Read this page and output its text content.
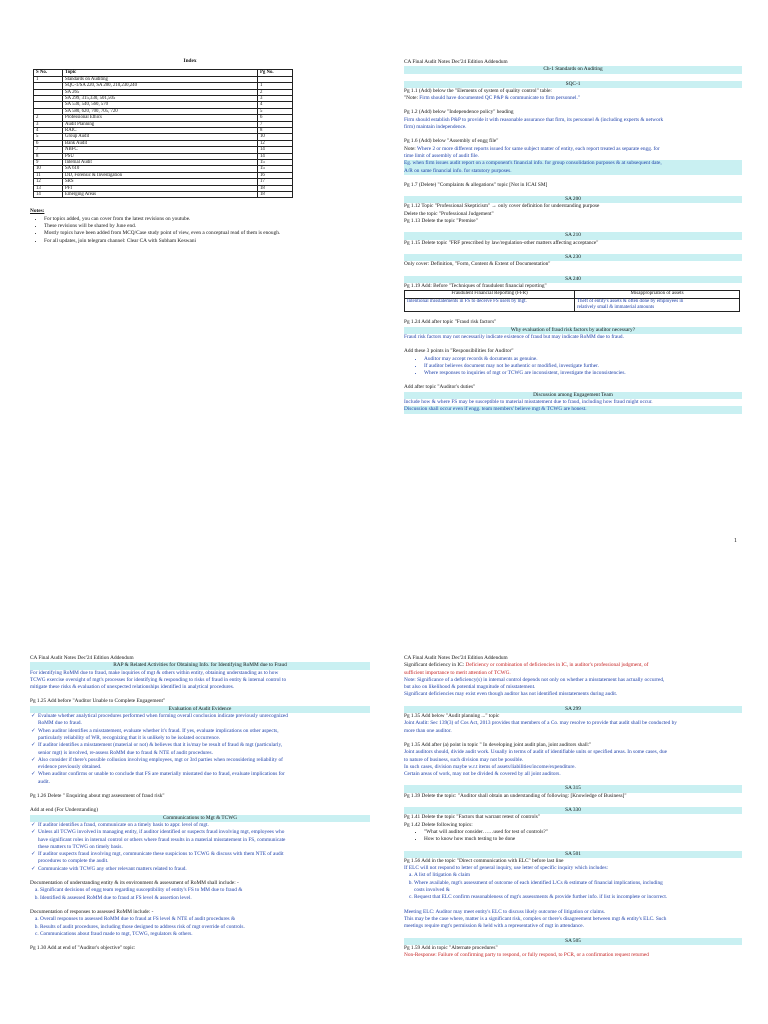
Index
S No.	Topic	Pg No.
1	Standards on Auditing	
	SQC-1/SA 220, SA 200, 210,230,240	1
	SA 265	2
	SA 299, 315,330, 501,505	3
	SA 530, 540, 560, 570	4
	SA 580, 620, 700, 705, 720	5
2	Professional Ethics	6
3	Audit Planning	7
4	RAIC	8
5	Group Audit	10
6	Bank Audit	12
7	NBFC	14
8	PSU	14
9	Internal Audit	15
10	SA 610	15
11	DD, Forensic & Investigation	16
12	SRS	17
13	PFI	18
14	Emerging Areas	18
Notes:
• For topics added, you can cover from the latest revisions on youtube.
• These revisions will be shared by June end.
• Mostly topics have been added from MCQ/Case study point of view, even a conceptual read of them is enough.
• For all updates, join telegram channel: Clear CA with Subham Keswani
CA Final Audit Notes Dec'24 Edition Addendum
Ch-1 Standards on Auditing
SQC-1
Pg 1.1 (Add) below the "Elements of system of quality control" table:
"Note: Firm should have documented QC P&P & communicate to firm personnel."
Pg 1.2 (Add) below "Independence policy" heading
Firm should establish P&P to provide it with reasonable assurance that firm, its personnel & (including experts & network
firm) maintain independence.
Pg 1.6 (Add) below "Assembly of engg file"
Note: Where 2 or more different reports issued for same subject matter of entity, each report treated as separate engg. for
time limit of assembly of audit file.
Eg. when firm issues audit report on a component's financial info. for group consolidation purposes & at subsequent date,
A/R on same financial info. for statutory purposes.
Pg 1.7 (Delete) "Complaints & allegations" topic [Not in ICAI SM]
SA 200
Pg 1.12 Topic "Professional Skepticism" → only cover definition for understanding purpose
Delete the topic "Professional Judgement"
Pg 1.13 Delete the topic "Premise"
SA 210
Pg 1.15 Delete topic "FRF prescribed by law/regulation-other matters affecting acceptance"
SA 230
Only cover: Definition, "Form, Content & Extent of Documentation"
SA 240
Pg 1.19 Add: Before "Techniques of fraudulent financial reporting"
Fraudulent Financial Reporting (FFR)	Misappropriation of assets
Intentional misstatements in FS to deceive FS users by mgt.	Theft of entity's assets & often done by employees in
relatively small & immaterial amounts
Pg 1.24 Add after topic "Fraud risk factors"
Why evaluation of fraud risk factors by auditor necessary?
Fraud risk factors may not necessarily indicate existence of fraud but may indicate RoMM due to fraud.
Add these 3 points in "Responsibilities for Auditor"
• Auditor may accept records & documents as genuine.
• If auditor believes document may not be authentic or modified, investigate further.
• Where responses to inquiries of mgt or TCWG are inconsistent, investigate the inconsistencies.
Add after topic "Auditor's duties"
Discussion among Engagement Team
Include how & where FS may be susceptible to material misstatement due to fraud, including how fraud might occur.
Discussion shall occur even if engg. team members' believe mgt & TCWG are honest.
1
CA Final Audit Notes Dec'24 Edition Addendum
RAP & Related Activities for Obtaining Info. for Identifying RoMM due to Fraud
For identifying RoMM due to fraud, make inquiries of mgt & others within entity, obtaining understanding as to how
TCWG exercise oversight of mgt's processes for identifying & responding to risks of fraud in entity & internal control to
mitigate these risks & evaluation of unexpected relationships identified in analytical procedures.
Pg 1.25 Add before "Auditor Unable to Complete Engagement"
Evaluation of Audit Evidence
✓ Evaluate whether analytical procedures performed when forming overall conclusion indicate previously unrecognized
RoMM due to fraud.
✓ When auditor identifies a misstatement, evaluate whether it's fraud. If yes, evaluate implications on other aspects,
particularly reliability of WR, recognizing that it is unlikely to be isolated occurrence.
✓ If auditor identifies a misstatement (material or not) & believes that it is/may be result of fraud & mgt (particularly,
senior mgt) is involved, re-assess RoMM due to fraud & NTE of audit procedures.
✓ Also consider if there's possible collusion involving employees, mgt or 3rd parties when reconsidering reliability of
evidence previously obtained.
✓ When auditor confirms or unable to conclude that FS are materially misstated due to fraud, evaluate implications for
audit.
Pg 1.26 Delete " Enquiring about mgt assessment of fraud risk"
Add at end (For Understanding)
Communications to Mgt & TCWG
✓ If auditor identifies a fraud, communicate on a timely basis to appr. level of mgt.
✓ Unless all TCWG involved in managing entity, if auditor identified or suspects fraud involving mgt, employees who
have significant roles in internal control or others where fraud results in a material misstatement in FS, communicate
these matters to TCWG on timely basis.
✓ If auditor suspects fraud involving mgt, communicate these suspicions to TCWG & discuss with them NTE of audit
procedures to complete the audit.
✓ Communicate with TCWG any other relevant matters related to fraud.
Documentation of understanding entity & its environment & assessment of RoMM shall include: -
a. Significant decisions of engg team regarding susceptibility of entity's FS to MM due to fraud &
b. Identified & assessed RoMM due to fraud at FS level & assertion level.
Documentation of responses to assessed RoMM include: -
a. Overall responses to assessed RoMM due to fraud at FS level & NTE of audit procedures &
b. Results of audit procedures, including those designed to address risk of mgt override of controls.
c. Communications about fraud made to mgt, TCWG, regulators & others.
Pg 1.30 Add at end of "Auditor's objective" topic:
CA Final Audit Notes Dec'24 Edition Addendum
Significant deficiency in IC: Deficiency or combination of deficiencies in IC, in auditor's professional judgment, of
sufficient importance to merit attention of TCWG.
Note: Significance of a deficiency(s) in internal control depends not only on whether a misstatement has actually occurred,
but also on likelihood & potential magnitude of misstatement.
Significant deficiencies may exist even though auditor has not identified misstatements during audit.
SA 299
Pg 1.35 Add below "Audit planning ..." topic
Joint Audit: Sec 139(3) of Cos Act, 2013 provides that members of a Co. may resolve to provide that audit shall be conducted by
more than one auditor.
Pg 1.35 Add after (a) point in topic " In developing joint audit plan, joint auditors shall:"
Joint auditors should, divide audit work. Usually in terms of audit of identifiable units or specified areas. In some cases, due
to nature of business, such division may not be possible.
In such cases, division maybe w.r.t items of assets/liabilities/income/expenditure.
Certain areas of work, may not be divided & covered by all joint auditors.
SA 315
Pg 1.39 Delete the topic: "Auditor shall obtain an understanding of following: [Knowledge of Business]"
SA 330
Pg 1.41 Delete the topic "Factors that warrant retest of controls"
Pg 1.42 Delete following topics:
• "What will auditor consider……used for test of controls?"
• How to know how much testing to be done
SA 501
Pg 1.56 Add in the topic "Direct communication with ELC" before last line
If ELC will not respond to letter of general inquiry, use letter of specific inquiry which includes:
a. A list of litigation & claim
b. Where available, mgt's assessment of outcome of each identified L/Cs & estimate of financial implications, including
costs involved &
c. Request that ELC confirm reasonableness of mgt's assessments & provide further info. if list is incomplete or incorrect.
Meeting ELC: Auditor may meet entity's ELC to discuss likely outcome of litigation or claims.
This may be the case where, matter is a significant risk, complex or there's disagreement between mgt & entity's ELC. Such
meetings require mgt's permission & held with a representative of mgt in attendance.
SA 505
Pg 1.59 Add in topic "Alternate procedures"
Non-Response: Failure of confirming party to respond, or fully respond, to PCR, or a confirmation request returned
